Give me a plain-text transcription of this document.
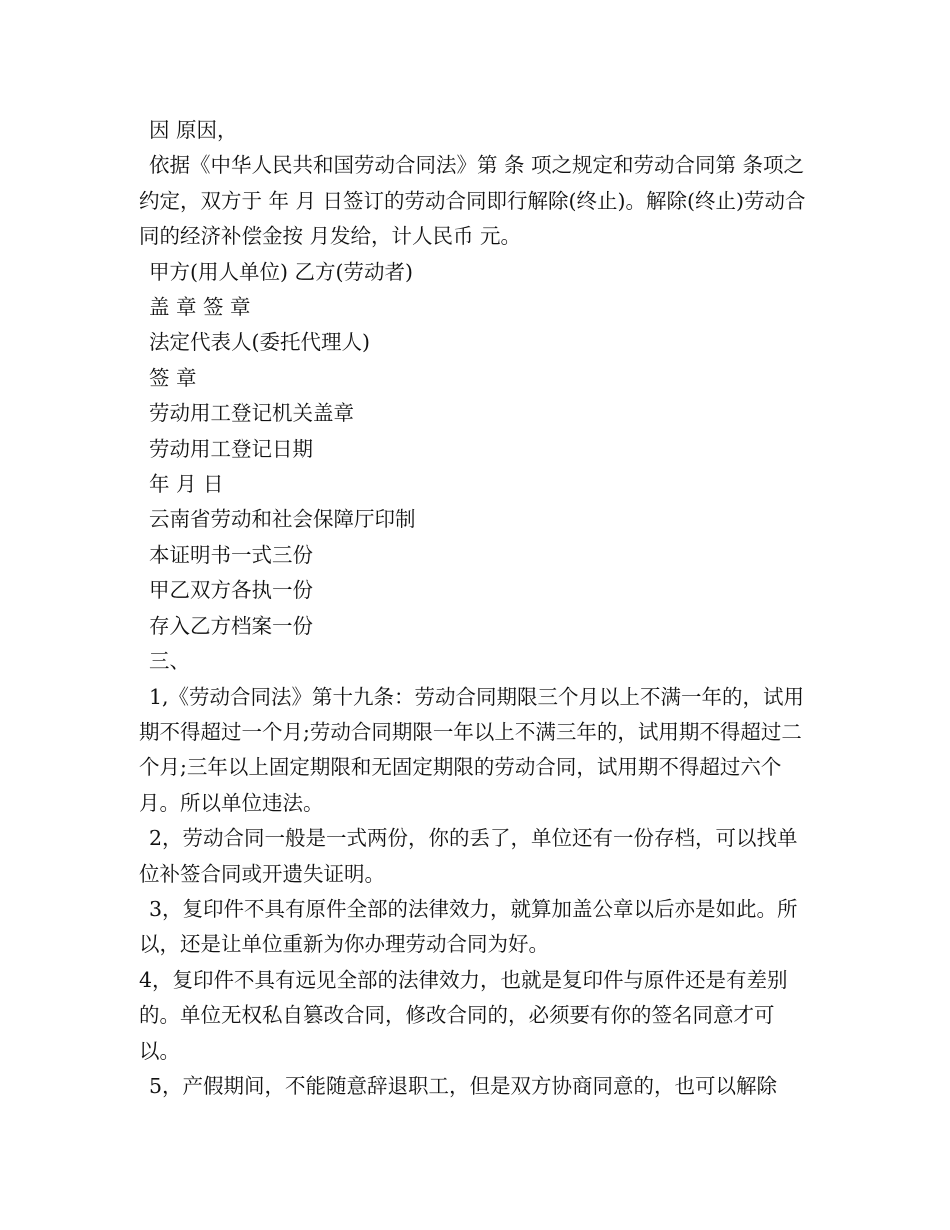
因 原因，

依据《中华人民共和国劳动合同法》第 条 项之规定和劳动合同第 条项之约定，双方于 年 月 日签订的劳动合同即行解除(终止)。解除(终止)劳动合同的经济补偿金按 月发给，计人民币 元。

甲方(用人单位) 乙方(劳动者)

盖 章 签 章

法定代表人(委托代理人)

签 章

劳动用工登记机关盖章

劳动用工登记日期

年 月 日

云南省劳动和社会保障厅印制

本证明书一式三份

甲乙双方各执一份

存入乙方档案一份

三、

1,《劳动合同法》第十九条：劳动合同期限三个月以上不满一年的，试用期不得超过一个月;劳动合同期限一年以上不满三年的，试用期不得超过二个月;三年以上固定期限和无固定期限的劳动合同，试用期不得超过六个月。所以单位违法。

2，劳动合同一般是一式两份，你的丢了，单位还有一份存档，可以找单位补签合同或开遗失证明。

3，复印件不具有原件全部的法律效力，就算加盖公章以后亦是如此。所以，还是让单位重新为你办理劳动合同为好。

4，复印件不具有远见全部的法律效力，也就是复印件与原件还是有差别的。单位无权私自篡改合同，修改合同的，必须要有你的签名同意才可以。

5，产假期间，不能随意辞退职工，但是双方协商同意的，也可以解除
